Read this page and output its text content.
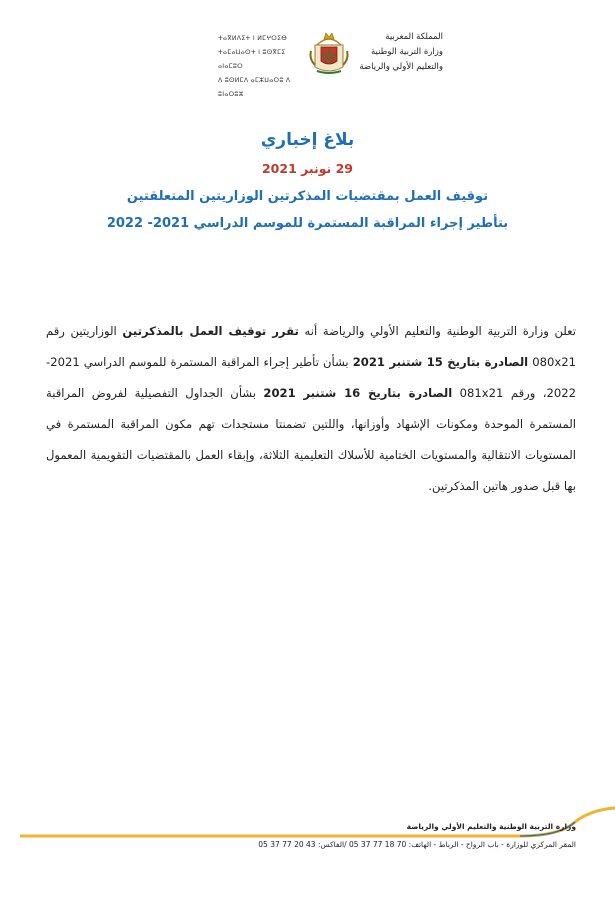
ⵜⴰⴳⵍⴷⵉⵜ ⵏ ⵍⵎⵖⵔⵉⴱ
ⵜⴰⵎⴰⵡⴰⵙⵜ ⵏ ⵓⵙⴳⵎⵉ ⴰⵏⴰⵎⵓⵔ
ⴷ ⵓⵙⵍⵎⴷ ⴰⵎⵣⵡⴰⵔⵓ ⴷ ⵓⵏⴰⵔⵓⵣ
المملكة المغربية
وزارة التربية الوطنية
والتعليم الأولي والرياضة
بلاغ إخباري
29 نونبر 2021
توقيف العمل بمقتضيات المذكرتين الوزاريتين المتعلقتين
بتأطير إجراء المراقبة المستمرة للموسم الدراسي 2021- 2022
تعلن وزارة التربية الوطنية والتعليم الأولي والرياضة أنه تقرر توقيف العمل بالمذكرتين الوزاريتين رقم 080x21 الصادرة بتاريخ 15 شتنبر 2021 بشأن تأطير إجراء المراقبة المستمرة للموسم الدراسي 2021-2022، ورقم 081x21 الصادرة بتاريخ 16 شتنبر 2021 بشأن الجداول التفصيلية لفروض المراقبة المستمرة الموحدة ومكونات الإشهاد وأوزانها، واللتين تضمنتا مستجدات تهم مكون المراقبة المستمرة في المستويات الانتقالية والمستويات الختامية للأسلاك التعليمية الثلاثة، وإبقاء العمل بالمقتضيات التقويمية المعمول بها قبل صدور هاتين المذكرتين.
وزارة التربية الوطنية والتعليم الأولي والرياضة
المقر المركزي للوزارة - باب الرواح - الرباط - الهاتف: 70 18 77 37 05 /الفاكس: 43 20 77 37 05
